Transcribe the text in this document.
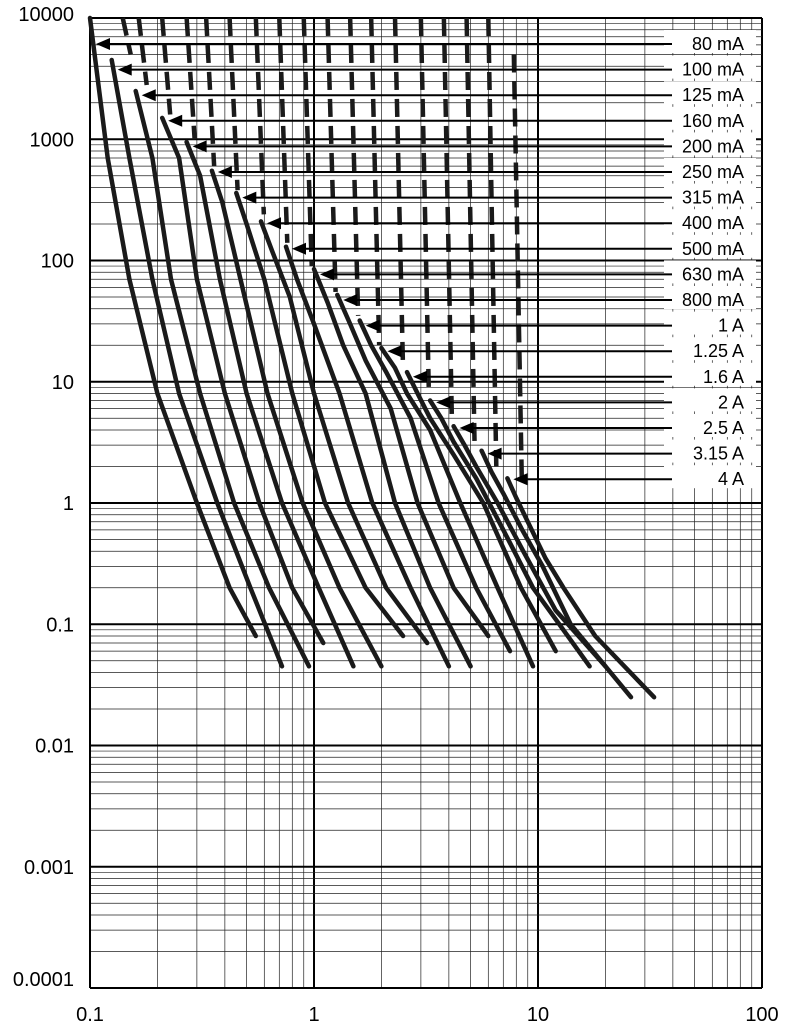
80 mA
100 mA
125 mA
160 mA
200 mA
250 mA
315 mA
400 mA
500 mA
630 mA
800 mA
1 A
1.25 A
1.6 A
2 A
2.5 A
3.15 A
4 A
0.1	1	10	100
10000
1000
100
10
1
0.1
0.01
0.001
0.0001
